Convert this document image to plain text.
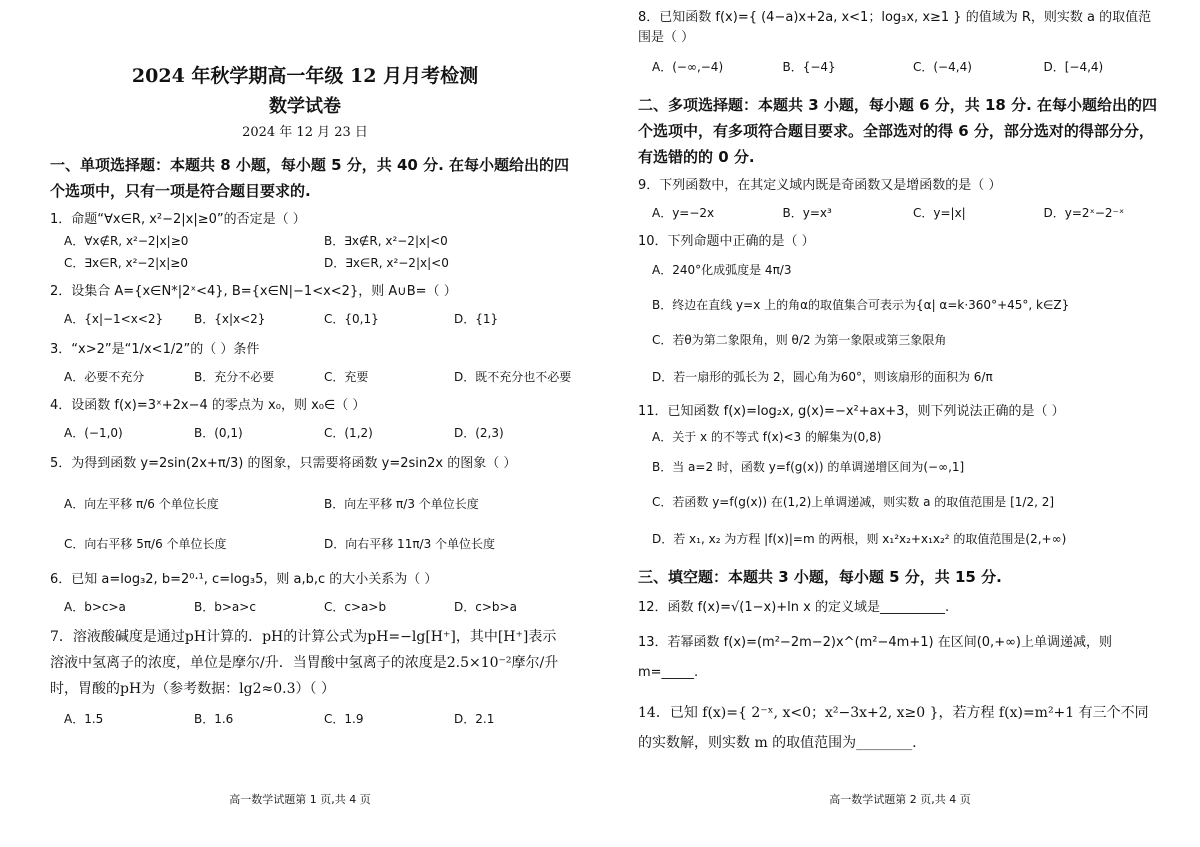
2024 年秋学期高一年级 12 月月考检测
数学试卷
2024 年 12 月 23 日
一、单项选择题：本题共 8 小题，每小题 5 分，共 40 分. 在每小题给出的四个选项中，只有一项是符合题目要求的.
1．命题“∀x∈R, x²−2|x|≥0”的否定是（ ）
A．∀x∉R, x²−2|x|≥0	B．∃x∉R, x²−2|x|<0
C．∃x∈R, x²−2|x|≥0	D．∃x∈R, x²−2|x|<0
2．设集合 A={x∈N*|2ˣ<4}, B={x∈N|−1<x<2}，则 A∪B=（ ）
A．{x|−1<x<2}	B．{x|x<2}	C．{0,1}	D．{1}
3．“x>2”是“1/x<1/2”的（ ）条件
A．必要不充分	B．充分不必要	C．充要	D．既不充分也不必要
4．设函数 f(x)=3ˣ+2x−4 的零点为 x₀，则 x₀∈（ ）
A．(−1,0)	B．(0,1)	C．(1,2)	D．(2,3)
5．为得到函数 y=2sin(2x+π/3) 的图象，只需要将函数 y=2sin2x 的图象（ ）
A．向左平移 π/6 个单位长度	B．向左平移 π/3 个单位长度
C．向右平移 5π/6 个单位长度	D．向右平移 11π/3 个单位长度
6．已知 a=log₃2, b=2⁰·¹, c=log₃5，则 a,b,c 的大小关系为（ ）
A．b>c>a	B．b>a>c	C．c>a>b	D．c>b>a
7．溶液酸碱度是通过pH计算的．pH的计算公式为pH=−lg[H⁺]，其中[H⁺]表示溶液中氢离子的浓度，单位是摩尔/升．当胃酸中氢离子的浓度是2.5×10⁻²摩尔/升时，胃酸的pH为（参考数据：lg2≈0.3）（ ）
A．1.5	B．1.6	C．1.9	D．2.1
高一数学试题第 1 页,共 4 页
8．已知函数 f(x)={ (4−a)x+2a, x<1；log₃x, x≥1 } 的值域为 R，则实数 a 的取值范围是（ ）
A．(−∞,−4)	B．{−4}	C．(−4,4)	D．[−4,4)
二、多项选择题：本题共 3 小题，每小题 6 分，共 18 分. 在每小题给出的四个选项中，有多项符合题目要求。全部选对的得 6 分，部分选对的得部分分，有选错的的 0 分.
9．下列函数中，在其定义域内既是奇函数又是增函数的是（ ）
A．y=−2x	B．y=x³	C．y=|x|	D．y=2ˣ−2⁻ˣ
10．下列命题中正确的是（ ）
A．240°化成弧度是 4π/3
B．终边在直线 y=x 上的角α的取值集合可表示为{α| α=k·360°+45°, k∈Z}
C．若θ为第二象限角，则 θ/2 为第一象限或第三象限角
D．若一扇形的弧长为 2，圆心角为60°，则该扇形的面积为 6/π
11．已知函数 f(x)=log₂x, g(x)=−x²+ax+3，则下列说法正确的是（ ）
A．关于 x 的不等式 f(x)<3 的解集为(0,8)
B．当 a=2 时，函数 y=f(g(x)) 的单调递增区间为(−∞,1]
C．若函数 y=f(g(x)) 在(1,2)上单调递减，则实数 a 的取值范围是 [1/2, 2]
D．若 x₁, x₂ 为方程 |f(x)|=m 的两根，则 x₁²x₂+x₁x₂² 的取值范围是(2,+∞)
三、填空题：本题共 3 小题，每小题 5 分，共 15 分.
12．函数 f(x)=√(1−x)+ln x 的定义域是__________.
13．若幂函数 f(x)=(m²−2m−2)x^(m²−4m+1) 在区间(0,+∞)上单调递减，则 m=_____.
14．已知 f(x)={ 2⁻ˣ, x<0；x²−3x+2, x≥0 }，若方程 f(x)=m²+1 有三个不同的实数解，则实数 m 的取值范围为________.
高一数学试题第 2 页,共 4 页
